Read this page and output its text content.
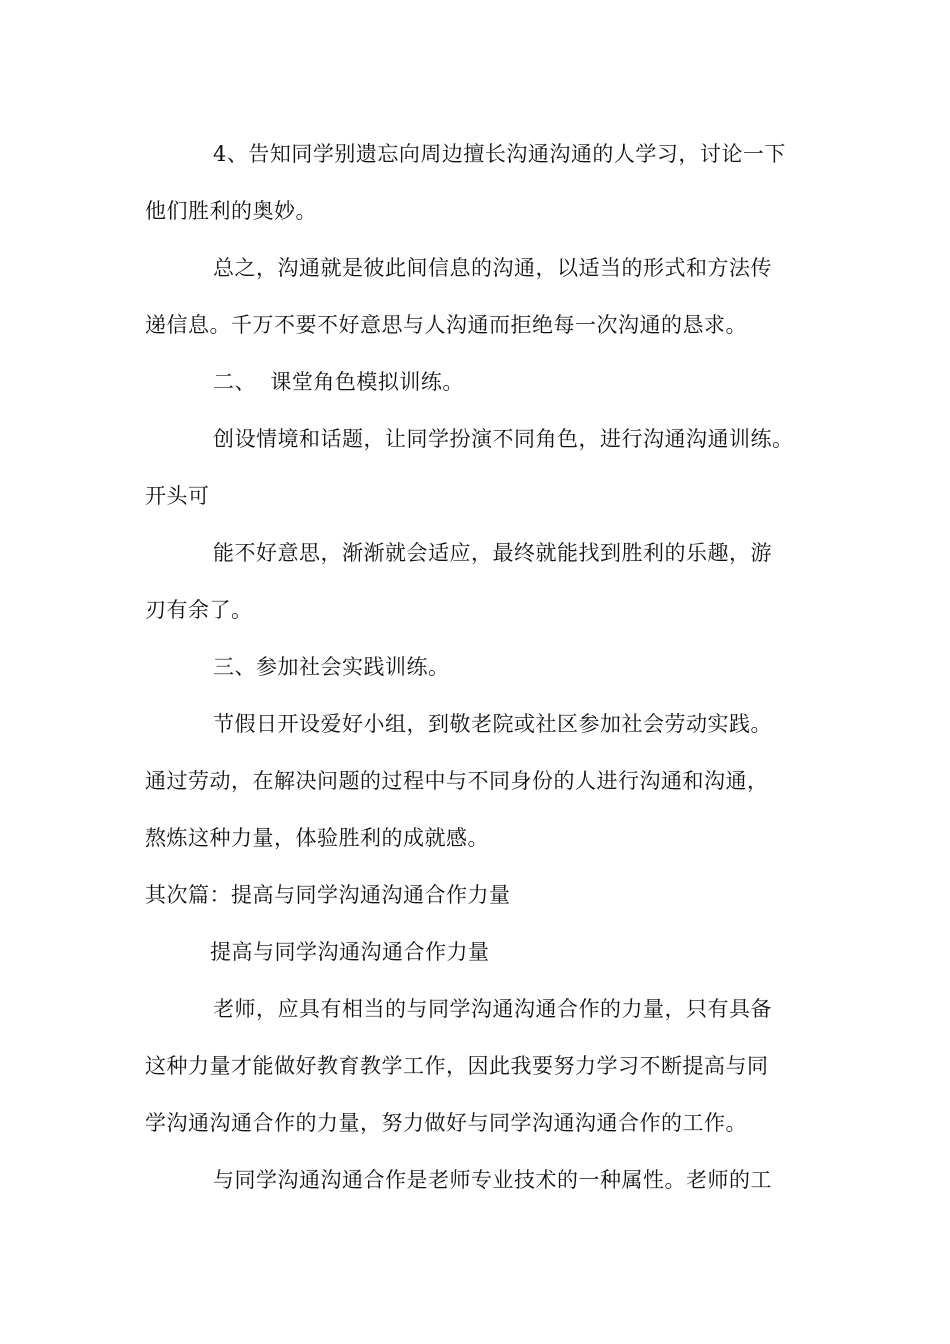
4、告知同学别遗忘向周边擅长沟通沟通的人学习，讨论一下
他们胜利的奥妙。
总之，沟通就是彼此间信息的沟通，以适当的形式和方法传
递信息。千万不要不好意思与人沟通而拒绝每一次沟通的恳求。
二、  课堂角色模拟训练。
创设情境和话题，让同学扮演不同角色，进行沟通沟通训练。
开头可
能不好意思，渐渐就会适应，最终就能找到胜利的乐趣，游
刃有余了。
三、参加社会实践训练。
节假日开设爱好小组，到敬老院或社区参加社会劳动实践。
通过劳动，在解决问题的过程中与不同身份的人进行沟通和沟通，
熬炼这种力量，体验胜利的成就感。
其次篇：提高与同学沟通沟通合作力量
提高与同学沟通沟通合作力量
老师，应具有相当的与同学沟通沟通合作的力量，只有具备
这种力量才能做好教育教学工作，因此我要努力学习不断提高与同
学沟通沟通合作的力量，努力做好与同学沟通沟通合作的工作。
与同学沟通沟通合作是老师专业技术的一种属性。老师的工
